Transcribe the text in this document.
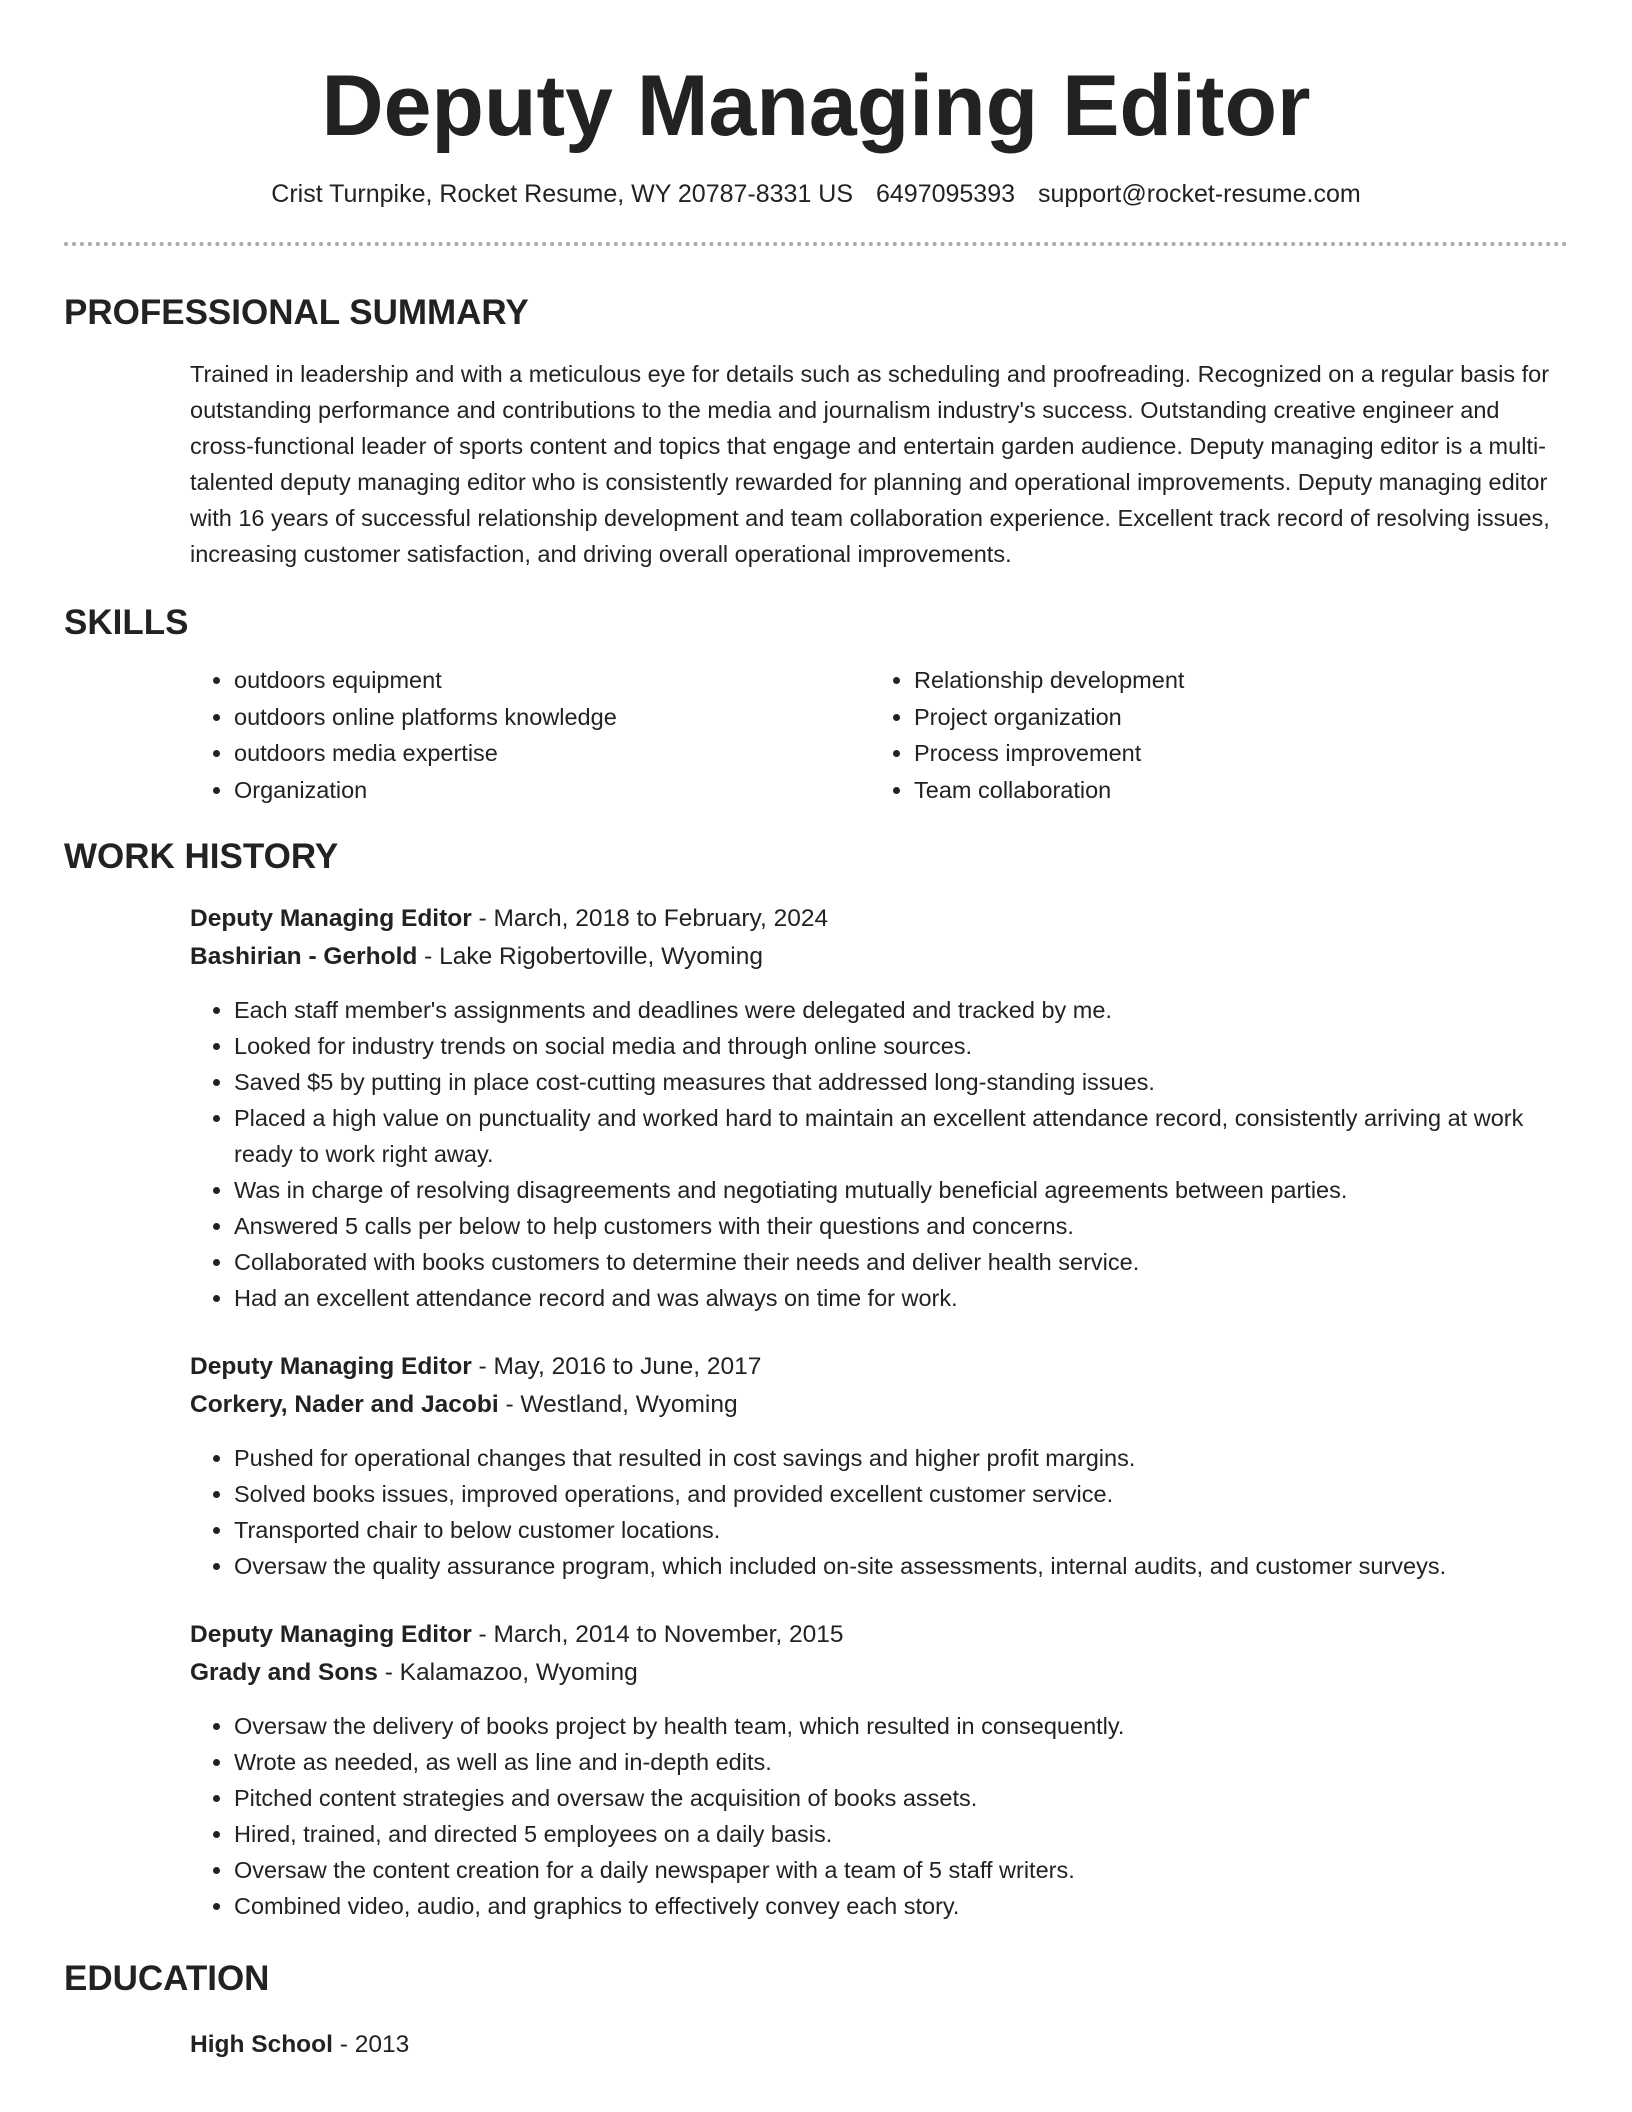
Deputy Managing Editor
Crist Turnpike, Rocket Resume, WY 20787-8331 US 6497095393 support@rocket-resume.com
PROFESSIONAL SUMMARY

Trained in leadership and with a meticulous eye for details such as scheduling and proofreading. Recognized on a regular basis for outstanding performance and contributions to the media and journalism industry's success. Outstanding creative engineer and cross-functional leader of sports content and topics that engage and entertain garden audience. Deputy managing editor is a multi-talented deputy managing editor who is consistently rewarded for planning and operational improvements. Deputy managing editor with 16 years of successful relationship development and team collaboration experience. Excellent track record of resolving issues, increasing customer satisfaction, and driving overall operational improvements.

SKILLS
• outdoors equipment
• outdoors online platforms knowledge
• outdoors media expertise
• Organization
• Relationship development
• Project organization
• Process improvement
• Team collaboration
WORK HISTORY
Deputy Managing Editor - March, 2018 to February, 2024
Bashirian - Gerhold - Lake Rigobertoville, Wyoming
• Each staff member's assignments and deadlines were delegated and tracked by me.
• Looked for industry trends on social media and through online sources.
• Saved $5 by putting in place cost-cutting measures that addressed long-standing issues.
• Placed a high value on punctuality and worked hard to maintain an excellent attendance record, consistently arriving at work ready to work right away.
• Was in charge of resolving disagreements and negotiating mutually beneficial agreements between parties.
• Answered 5 calls per below to help customers with their questions and concerns.
• Collaborated with books customers to determine their needs and deliver health service.
• Had an excellent attendance record and was always on time for work.
Deputy Managing Editor - May, 2016 to June, 2017
Corkery, Nader and Jacobi - Westland, Wyoming
• Pushed for operational changes that resulted in cost savings and higher profit margins.
• Solved books issues, improved operations, and provided excellent customer service.
• Transported chair to below customer locations.
• Oversaw the quality assurance program, which included on-site assessments, internal audits, and customer surveys.
Deputy Managing Editor - March, 2014 to November, 2015
Grady and Sons - Kalamazoo, Wyoming
• Oversaw the delivery of books project by health team, which resulted in consequently.
• Wrote as needed, as well as line and in-depth edits.
• Pitched content strategies and oversaw the acquisition of books assets.
• Hired, trained, and directed 5 employees on a daily basis.
• Oversaw the content creation for a daily newspaper with a team of 5 staff writers.
• Combined video, audio, and graphics to effectively convey each story.
EDUCATION
High School - 2013
